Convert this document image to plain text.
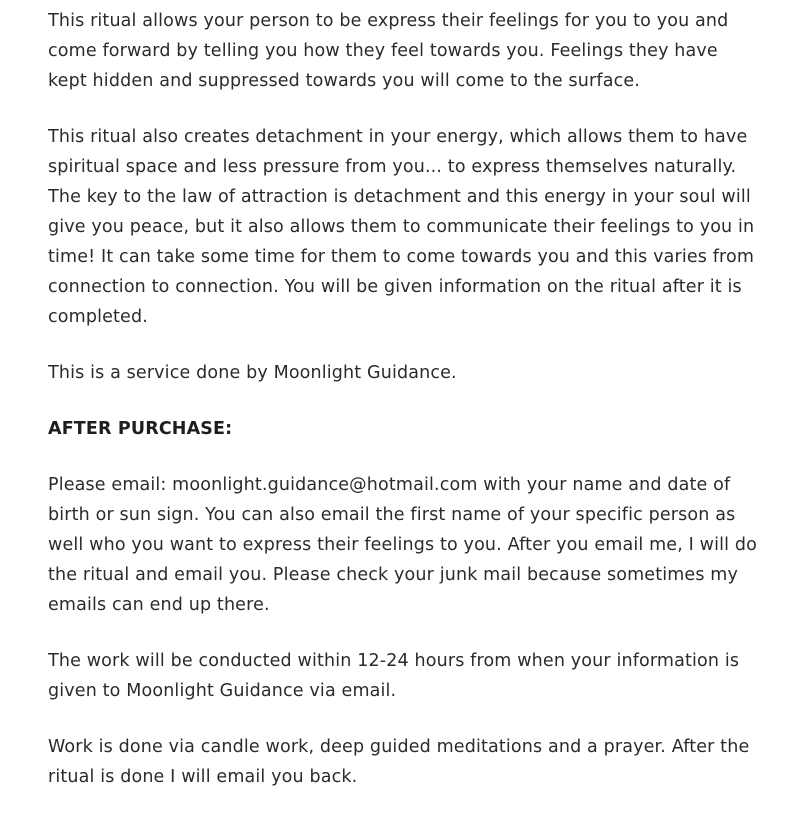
This ritual allows your person to be express their feelings for you to you and come forward by telling you how they feel towards you. Feelings they have kept hidden and suppressed towards you will come to the surface.

This ritual also creates detachment in your energy, which allows them to have spiritual space and less pressure from you... to express themselves naturally. The key to the law of attraction is detachment and this energy in your soul will give you peace, but it also allows them to communicate their feelings to you in time! It can take some time for them to come towards you and this varies from connection to connection. You will be given information on the ritual after it is completed.

This is a service done by Moonlight Guidance.

AFTER PURCHASE:

Please email: moonlight.guidance@hotmail.com with your name and date of birth or sun sign. You can also email the first name of your specific person as well who you want to express their feelings to you. After you email me, I will do the ritual and email you. Please check your junk mail because sometimes my emails can end up there.

The work will be conducted within 12-24 hours from when your information is given to Moonlight Guidance via email.

Work is done via candle work, deep guided meditations and a prayer. After the ritual is done I will email you back.
